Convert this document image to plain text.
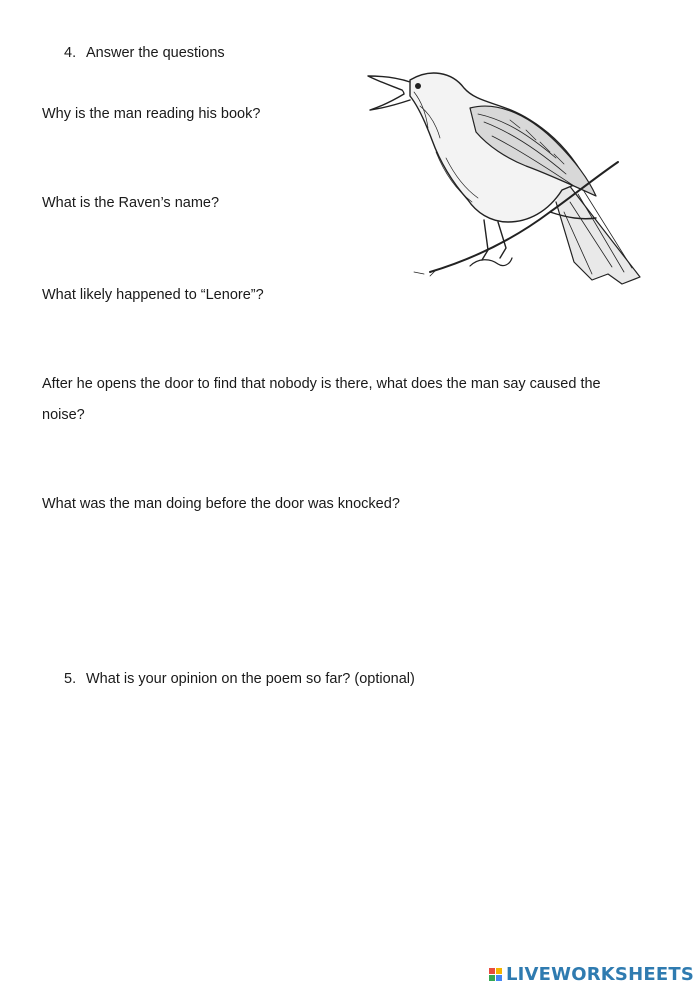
4. Answer the questions
Why is the man reading his book?
What is the Raven’s name?
What likely happened to “Lenore”?
After he opens the door to find that nobody is there, what does the man say caused the
noise?
What was the man doing before the door was knocked?
5. What is your opinion on the poem so far? (optional)
LIVEWORKSHEETS
